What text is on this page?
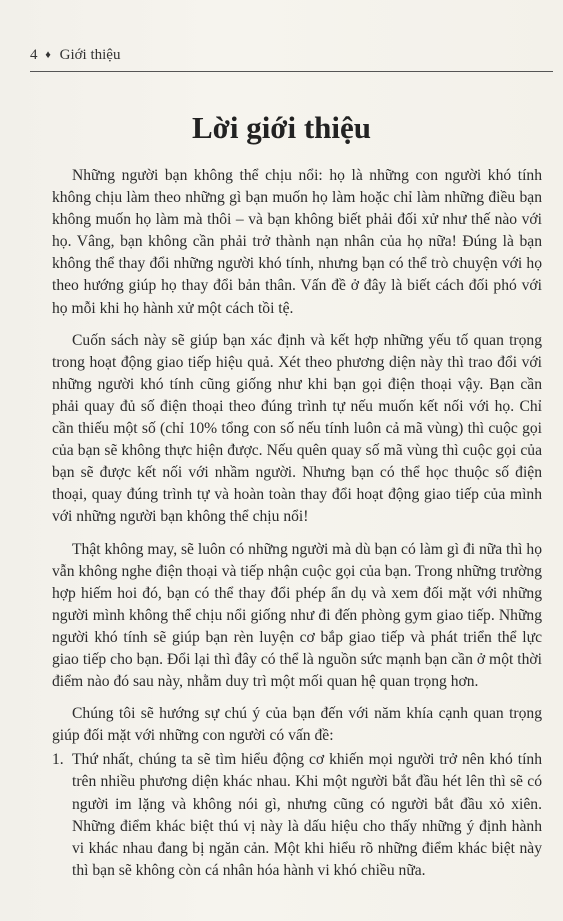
4 ♦ Giới thiệu
Lời giới thiệu

Những người bạn không thể chịu nổi: họ là những con người khó tính không chịu làm theo những gì bạn muốn họ làm hoặc chỉ làm những điều bạn không muốn họ làm mà thôi – và bạn không biết phải đối xử như thế nào với họ. Vâng, bạn không cần phải trở thành nạn nhân của họ nữa! Đúng là bạn không thể thay đổi những người khó tính, nhưng bạn có thể trò chuyện với họ theo hướng giúp họ thay đổi bản thân. Vấn đề ở đây là biết cách đối phó với họ mỗi khi họ hành xử một cách tồi tệ.

Cuốn sách này sẽ giúp bạn xác định và kết hợp những yếu tố quan trọng trong hoạt động giao tiếp hiệu quả. Xét theo phương diện này thì trao đổi với những người khó tính cũng giống như khi bạn gọi điện thoại vậy. Bạn cần phải quay đủ số điện thoại theo đúng trình tự nếu muốn kết nối với họ. Chỉ cần thiếu một số (chỉ 10% tổng con số nếu tính luôn cả mã vùng) thì cuộc gọi của bạn sẽ không thực hiện được. Nếu quên quay số mã vùng thì cuộc gọi của bạn sẽ được kết nối với nhầm người. Nhưng bạn có thể học thuộc số điện thoại, quay đúng trình tự và hoàn toàn thay đổi hoạt động giao tiếp của mình với những người bạn không thể chịu nổi!

Thật không may, sẽ luôn có những người mà dù bạn có làm gì đi nữa thì họ vẫn không nghe điện thoại và tiếp nhận cuộc gọi của bạn. Trong những trường hợp hiếm hoi đó, bạn có thể thay đổi phép ẩn dụ và xem đối mặt với những người mình không thể chịu nổi giống như đi đến phòng gym giao tiếp. Những người khó tính sẽ giúp bạn rèn luyện cơ bắp giao tiếp và phát triển thể lực giao tiếp cho bạn. Đổi lại thì đây có thể là nguồn sức mạnh bạn cần ở một thời điểm nào đó sau này, nhằm duy trì một mối quan hệ quan trọng hơn.

Chúng tôi sẽ hướng sự chú ý của bạn đến với năm khía cạnh quan trọng giúp đối mặt với những con người có vấn đề:

1. Thứ nhất, chúng ta sẽ tìm hiểu động cơ khiến mọi người trở nên khó tính trên nhiều phương diện khác nhau. Khi một người bắt đầu hét lên thì sẽ có người im lặng và không nói gì, nhưng cũng có người bắt đầu xỏ xiên. Những điểm khác biệt thú vị này là dấu hiệu cho thấy những ý định hành vi khác nhau đang bị ngăn cản. Một khi hiểu rõ những điểm khác biệt này thì bạn sẽ không còn cá nhân hóa hành vi khó chiều nữa.
